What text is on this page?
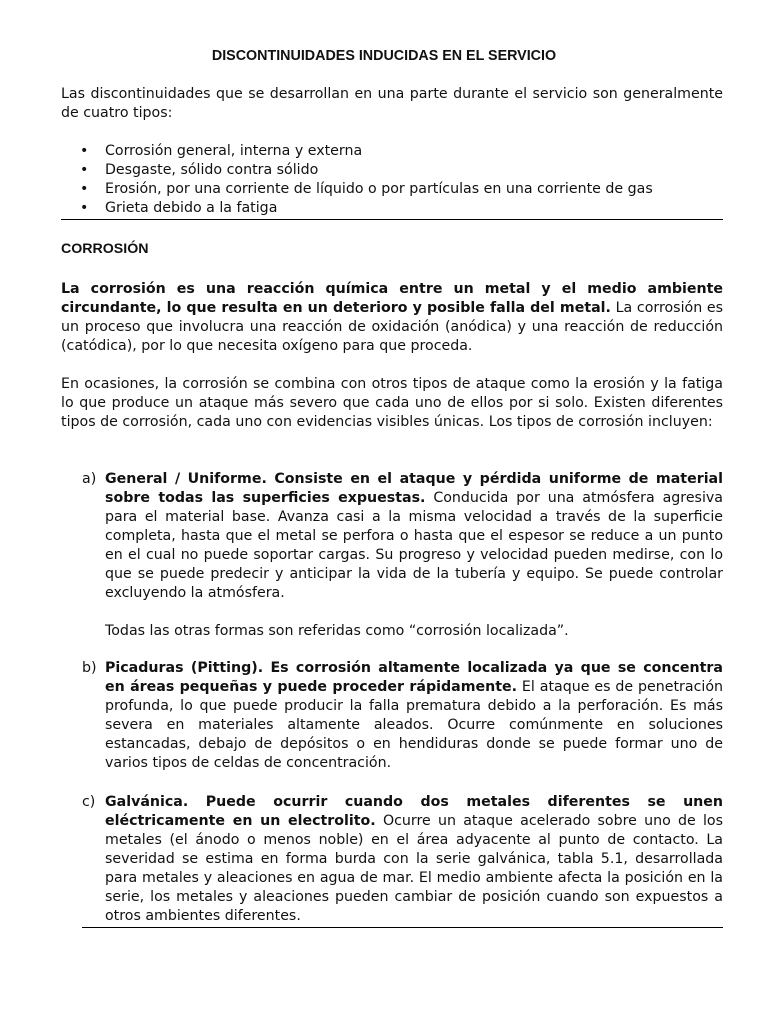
DISCONTINUIDADES INDUCIDAS EN EL SERVICIO

Las discontinuidades que se desarrollan en una parte durante el servicio son generalmente de cuatro tipos:

• Corrosión general, interna y externa
• Desgaste, sólido contra sólido
• Erosión, por una corriente de líquido o por partículas en una corriente de gas
• Grieta debido a la fatiga
CORROSIÓN

La corrosión es una reacción química entre un metal y el medio ambiente circundante, lo que resulta en un deterioro y posible falla del metal. La corrosión es un proceso que involucra una reacción de oxidación (anódica) y una reacción de reducción (catódica), por lo que necesita oxígeno para que proceda.

En ocasiones, la corrosión se combina con otros tipos de ataque como la erosión y la fatiga lo que produce un ataque más severo que cada uno de ellos por si solo. Existen diferentes tipos de corrosión, cada uno con evidencias visibles únicas. Los tipos de corrosión incluyen:

a) General / Uniforme. Consiste en el ataque y pérdida uniforme de material sobre todas las superficies expuestas. Conducida por una atmósfera agresiva para el material base. Avanza casi a la misma velocidad a través de la superficie completa, hasta que el metal se perfora o hasta que el espesor se reduce a un punto en el cual no puede soportar cargas. Su progreso y velocidad pueden medirse, con lo que se puede predecir y anticipar la vida de la tubería y equipo. Se puede controlar excluyendo la atmósfera.

Todas las otras formas son referidas como “corrosión localizada”.

b) Picaduras (Pitting). Es corrosión altamente localizada ya que se concentra en áreas pequeñas y puede proceder rápidamente. El ataque es de penetración profunda, lo que puede producir la falla prematura debido a la perforación. Es más severa en materiales altamente aleados. Ocurre comúnmente en soluciones estancadas, debajo de depósitos o en hendiduras donde se puede formar uno de varios tipos de celdas de concentración.

c) Galvánica. Puede ocurrir cuando dos metales diferentes se unen eléctricamente en un electrolito. Ocurre un ataque acelerado sobre uno de los metales (el ánodo o menos noble) en el área adyacente al punto de contacto. La severidad se estima en forma burda con la serie galvánica, tabla 5.1, desarrollada para metales y aleaciones en agua de mar. El medio ambiente afecta la posición en la serie, los metales y aleaciones pueden cambiar de posición cuando son expuestos a otros ambientes diferentes.
